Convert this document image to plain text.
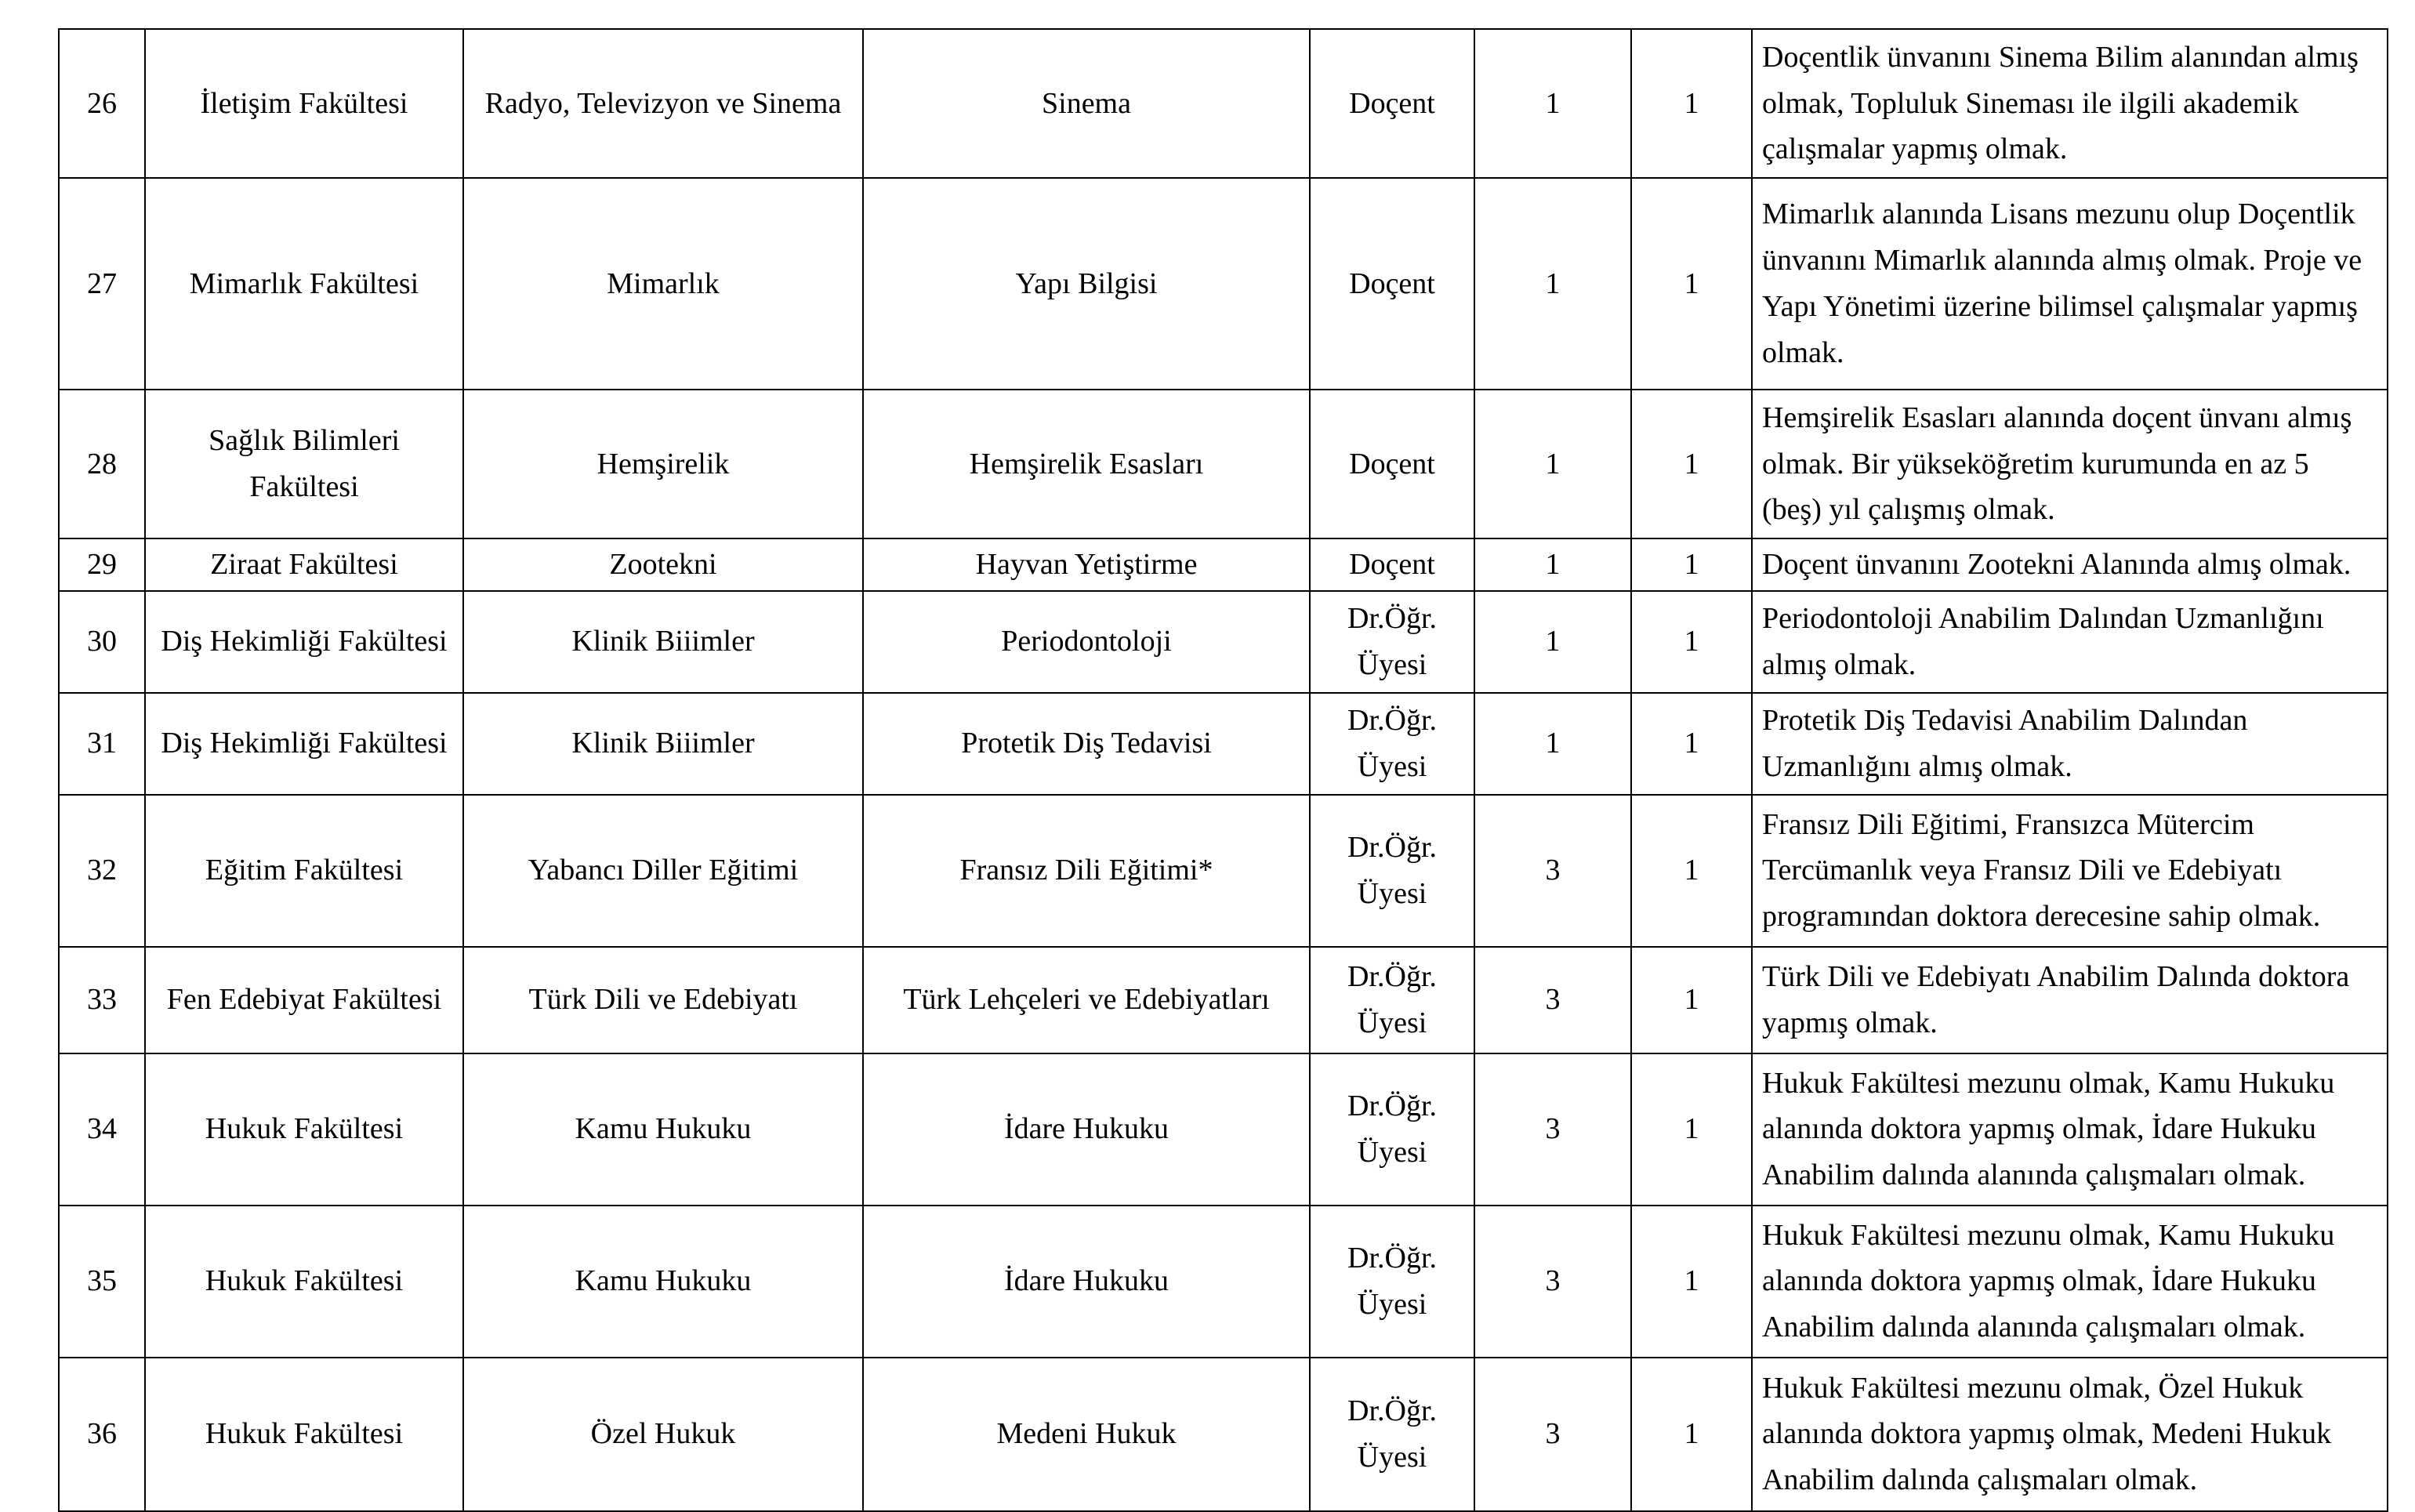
26	İletişim Fakültesi	Radyo, Televizyon ve Sinema	Sinema	Doçent	1	1	Doçentlik ünvanını Sinema Bilim alanından almış olmak, Topluluk Sineması ile ilgili akademik çalışmalar yapmış olmak.
27	Mimarlık Fakültesi	Mimarlık	Yapı Bilgisi	Doçent	1	1	Mimarlık alanında Lisans mezunu olup Doçentlik ünvanını Mimarlık alanında almış olmak. Proje ve Yapı Yönetimi üzerine bilimsel çalışmalar yapmış olmak.
28	Sağlık Bilimleri Fakültesi	Hemşirelik	Hemşirelik Esasları	Doçent	1	1	Hemşirelik Esasları alanında doçent ünvanı almış olmak. Bir yükseköğretim kurumunda en az 5 (beş) yıl çalışmış olmak.
29	Ziraat Fakültesi	Zootekni	Hayvan Yetiştirme	Doçent	1	1	Doçent ünvanını Zootekni Alanında almış olmak.
30	Diş Hekimliği Fakültesi	Klinik Biiimler	Periodontoloji	Dr.Öğr. Üyesi	1	1	Periodontoloji Anabilim Dalından Uzmanlığını almış olmak.
31	Diş Hekimliği Fakültesi	Klinik Biiimler	Protetik Diş Tedavisi	Dr.Öğr. Üyesi	1	1	Protetik Diş Tedavisi Anabilim Dalından Uzmanlığını almış olmak.
32	Eğitim Fakültesi	Yabancı Diller Eğitimi	Fransız Dili Eğitimi*	Dr.Öğr. Üyesi	3	1	Fransız Dili Eğitimi, Fransızca Mütercim Tercümanlık veya Fransız Dili ve Edebiyatı programından doktora derecesine sahip olmak.
33	Fen Edebiyat Fakültesi	Türk Dili ve Edebiyatı	Türk Lehçeleri ve Edebiyatları	Dr.Öğr. Üyesi	3	1	Türk Dili ve Edebiyatı Anabilim Dalında doktora yapmış olmak.
34	Hukuk Fakültesi	Kamu Hukuku	İdare Hukuku	Dr.Öğr. Üyesi	3	1	Hukuk Fakültesi mezunu olmak, Kamu Hukuku alanında doktora yapmış olmak, İdare Hukuku Anabilim dalında alanında çalışmaları olmak.
35	Hukuk Fakültesi	Kamu Hukuku	İdare Hukuku	Dr.Öğr. Üyesi	3	1	Hukuk Fakültesi mezunu olmak, Kamu Hukuku alanında doktora yapmış olmak, İdare Hukuku Anabilim dalında alanında çalışmaları olmak.
36	Hukuk Fakültesi	Özel Hukuk	Medeni Hukuk	Dr.Öğr. Üyesi	3	1	Hukuk Fakültesi mezunu olmak, Özel Hukuk alanında doktora yapmış olmak, Medeni Hukuk Anabilim dalında çalışmaları olmak.
